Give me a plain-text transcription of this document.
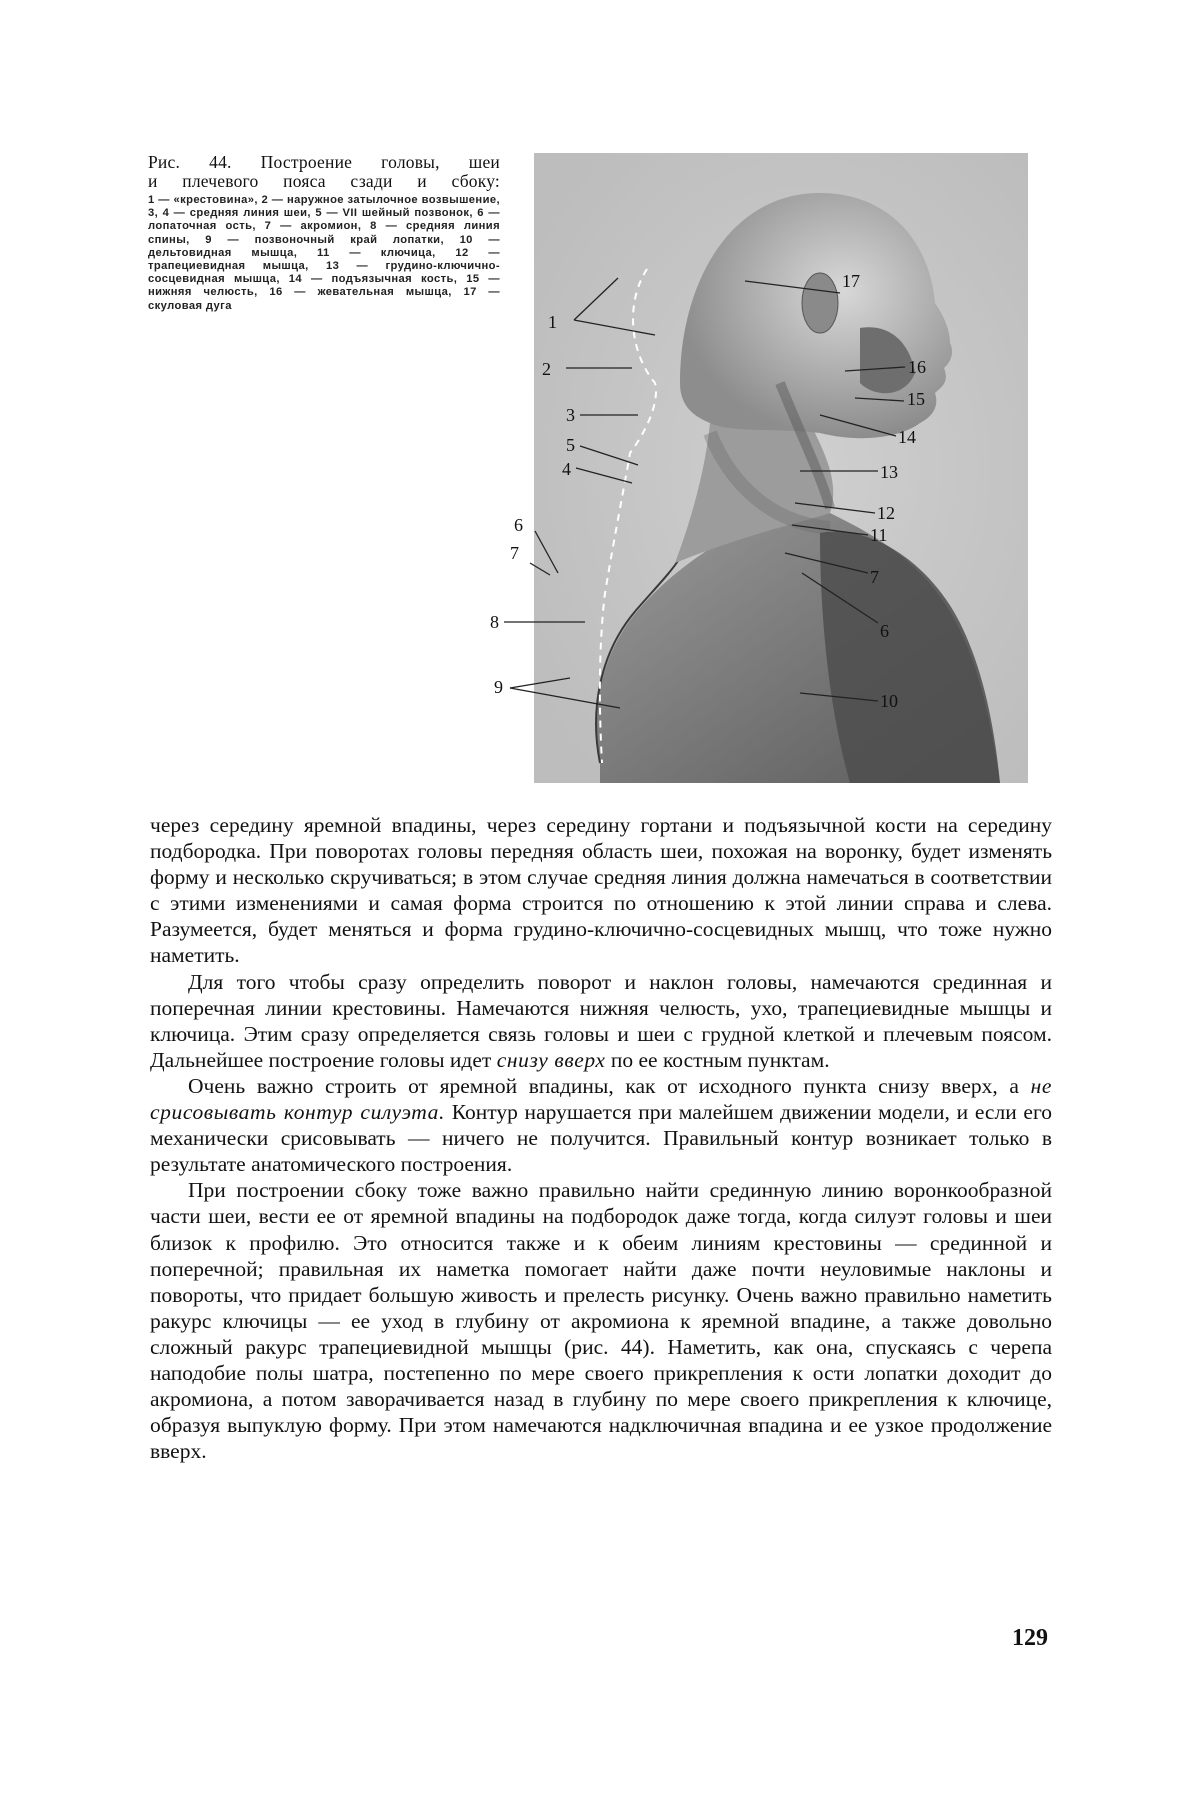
Рис. 44. Построение головы, шеи
и плечевого пояса сзади и сбоку:

1 — «крестовина», 2 — наружное затылочное возвышение, 3, 4 — средняя линия шеи, 5 — VII шейный позвонок, 6 — лопаточная ость, 7 — акромион, 8 — средняя линия спины, 9 — позвоночный край лопатки, 10 — дельтовидная мышца, 11 — ключица, 12 — трапециевидная мышца, 13 — грудино-ключично-сосцевидная мышца, 14 — подъязычная кость, 15 — нижняя челюсть, 16 — жевательная мышца, 17 — скуловая дуга

1
2
3
5
4
6
7
8
9
17
16
15
14
13
12
11
7
6
10

через середину яремной впадины, через середину гортани и подъязычной кости на середину подбородка. При поворотах головы передняя область шеи, похожая на воронку, будет изменять форму и несколько скручиваться; в этом случае средняя линия должна намечаться в соответствии с этими изменениями и самая форма строится по отношению к этой линии справа и слева. Разумеется, будет меняться и форма грудино-ключично-сосцевидных мышц, что тоже нужно наметить.

Для того чтобы сразу определить поворот и наклон головы, намечаются срединная и поперечная линии крестовины. Намечаются нижняя челюсть, ухо, трапециевидные мышцы и ключица. Этим сразу определяется связь головы и шеи с грудной клеткой и плечевым поясом. Дальнейшее построение головы идет снизу вверх по ее костным пунктам.

Очень важно строить от яремной впадины, как от исходного пункта снизу вверх, а не срисовывать контур силуэта. Контур нарушается при малейшем движении модели, и если его механически срисовывать — ничего не получится. Правильный контур возникает только в результате анатомического построения.

При построении сбоку тоже важно правильно найти срединную линию воронкообразной части шеи, вести ее от яремной впадины на подбородок даже тогда, когда силуэт головы и шеи близок к профилю. Это относится также и к обеим линиям крестовины — срединной и поперечной; правильная их наметка помогает найти даже почти неуловимые наклоны и повороты, что придает большую живость и прелесть рисунку. Очень важно правильно наметить ракурс ключицы — ее уход в глубину от акромиона к яремной впадине, а также довольно сложный ракурс трапециевидной мышцы (рис. 44). Наметить, как она, спускаясь с черепа наподобие полы шатра, постепенно по мере своего прикрепления к ости лопатки доходит до акромиона, а потом заворачивается назад в глубину по мере своего прикрепления к ключице, образуя выпуклую форму. При этом намечаются надключичная впадина и ее узкое продолжение вверх.

129
